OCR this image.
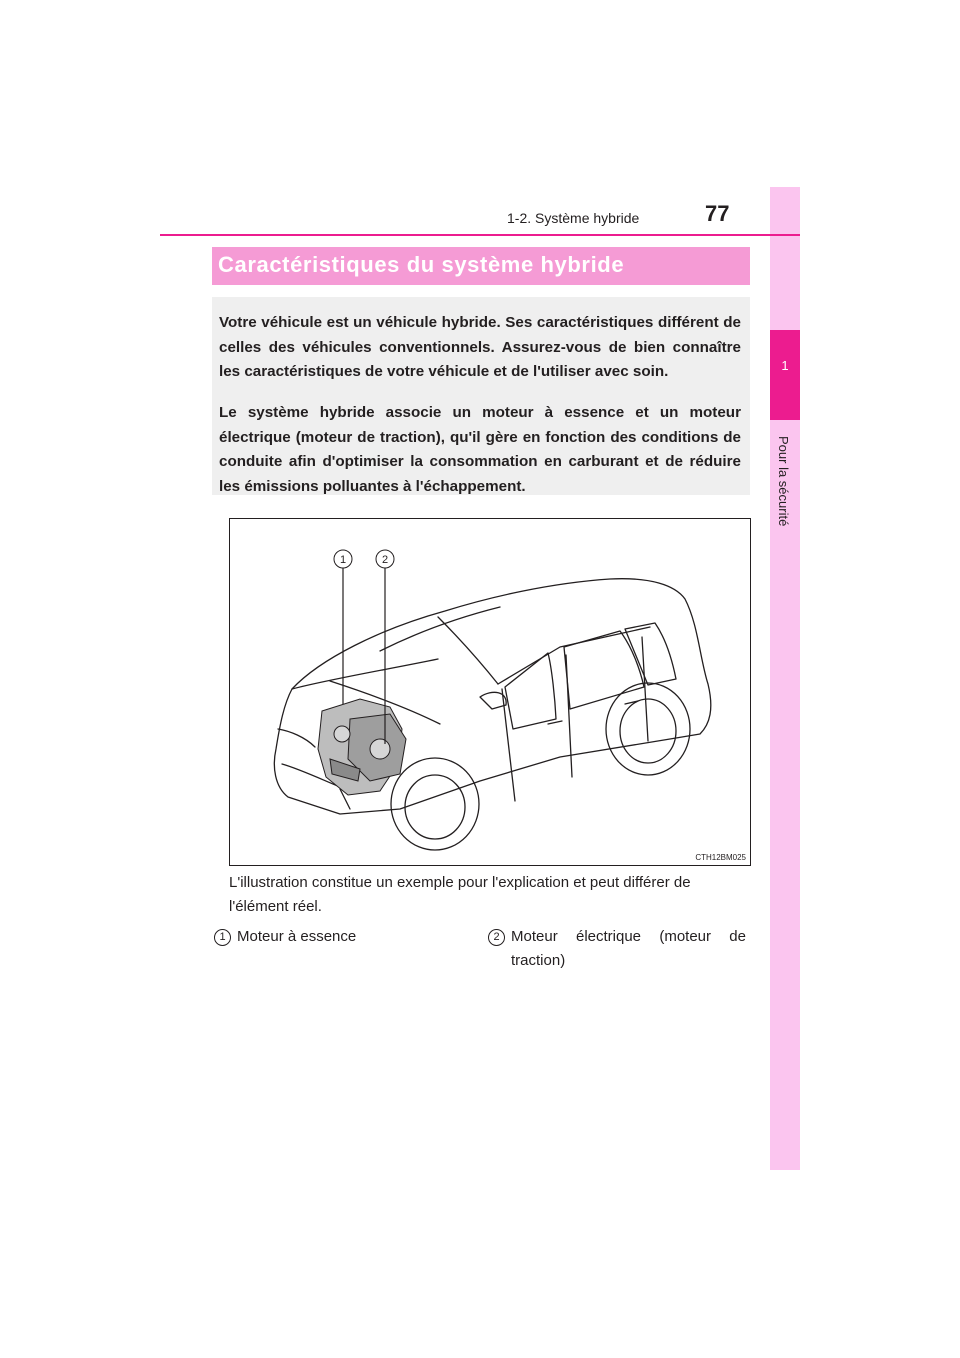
1
Pour la sécurité
1-2. Système hybride	77
Caractéristiques du système hybride

Votre véhicule est un véhicule hybride. Ses caractéristiques différent de celles des véhicules conventionnels. Assurez-vous de bien connaître les caractéristiques de votre véhicule et de l'utiliser avec soin.

Le système hybride associe un moteur à essence et un moteur électrique (moteur de traction), qu'il gère en fonction des conditions de conduite afin d'optimiser la consommation en carburant et de réduire les émissions polluantes à l'échappement.

1	2
CTH12BM025

L'illustration constitue un exemple pour l'explication et peut différer de l'élément réel.

1 Moteur à essence	2 Moteur électrique (moteur de traction)
